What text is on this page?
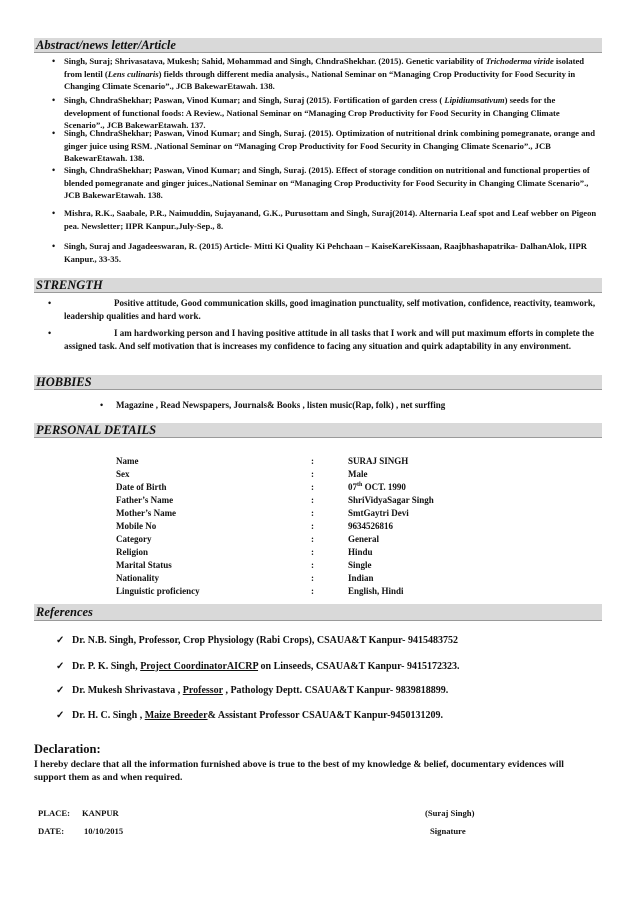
Abstract/news letter/Article
• Singh, Suraj; Shrivasatava, Mukesh; Sahid, Mohammad and Singh, ChndraShekhar. (2015). Genetic variability of Trichoderma viride isolated from lentil (Lens culinaris) fields through different media analysis., National Seminar on “Managing Crop Productivity for Food Security in Changing Climate Scenario”., JCB BakewarEtawah. 138.
• Singh, ChndraShekhar; Paswan, Vinod Kumar; and Singh, Suraj (2015). Fortification of garden cress ( Lipidiumsativum) seeds for the development of functional foods: A Review., National Seminar on “Managing Crop Productivity for Food Security in Changing Climate Scenario”., JCB BakewarEtawah. 137.
• Singh, ChndraShekhar; Paswan, Vinod Kumar; and Singh, Suraj. (2015). Optimization of nutritional drink combining pomegranate, orange and ginger juice using RSM. ,National Seminar on “Managing Crop Productivity for Food Security in Changing Climate Scenario”., JCB BakewarEtawah. 138.
• Singh, ChndraShekhar; Paswan, Vinod Kumar; and Singh, Suraj. (2015). Effect of storage condition on nutritional and functional properties of blended pomegranate and ginger juices.,National Seminar on “Managing Crop Productivity for Food Security in Changing Climate Scenario”., JCB BakewarEtawah. 138.
• Mishra, R.K., Saabale, P.R., Naimuddin, Sujayanand, G.K., Purusottam and Singh, Suraj(2014). Alternaria Leaf spot and Leaf webber on Pigeon pea. Newsletter; IIPR Kanpur.,July-Sep., 8.
• Singh, Suraj and Jagadeeswaran, R. (2015) Article- Mitti Ki Quality Ki Pehchaan – KaiseKareKissaan, Raajbhashapatrika- DalhanAlok, IIPR Kanpur., 33-35.
STRENGTH
•	Positive attitude, Good communication skills, good imagination punctuality, self motivation, confidence, reactivity, teamwork, leadership qualities and hard work.
•	I am hardworking person and I having positive attitude in all tasks that I work and will put maximum efforts in complete the assigned task. And self motivation that is increases my confidence to facing any situation and quirk adaptability in any environment.
HOBBIES
• Magazine , Read Newspapers, Journals& Books , listen music(Rap, folk) , net surffing
PERSONAL DETAILS
Name	:	SURAJ SINGH
Sex	:	Male
Date of Birth	:	07th OCT. 1990
Father’s Name	:	ShriVidyaSagar Singh
Mother’s Name	:	SmtGaytri Devi
Mobile No	:	9634526816
Category	:	General
Religion	:	Hindu
Marital Status	:	Single
Nationality	:	Indian
Linguistic proficiency	:	English, Hindi
References
✓ Dr. N.B. Singh, Professor, Crop Physiology (Rabi Crops), CSAUA&T Kanpur- 9415483752
✓ Dr. P. K. Singh, Project CoordinatorAICRP on Linseeds, CSAUA&T Kanpur- 9415172323.
✓ Dr. Mukesh Shrivastava , Professor , Pathology Deptt. CSAUA&T Kanpur- 9839818899.
✓ Dr. H. C. Singh , Maize Breeder& Assistant Professor CSAUA&T Kanpur-9450131209.
Declaration:
I hereby declare that all the information furnished above is true to the best of my knowledge & belief, documentary evidences will support them as and when required.
PLACE: KANPUR
DATE: 10/10/2015
(Suraj Singh)
Signature
